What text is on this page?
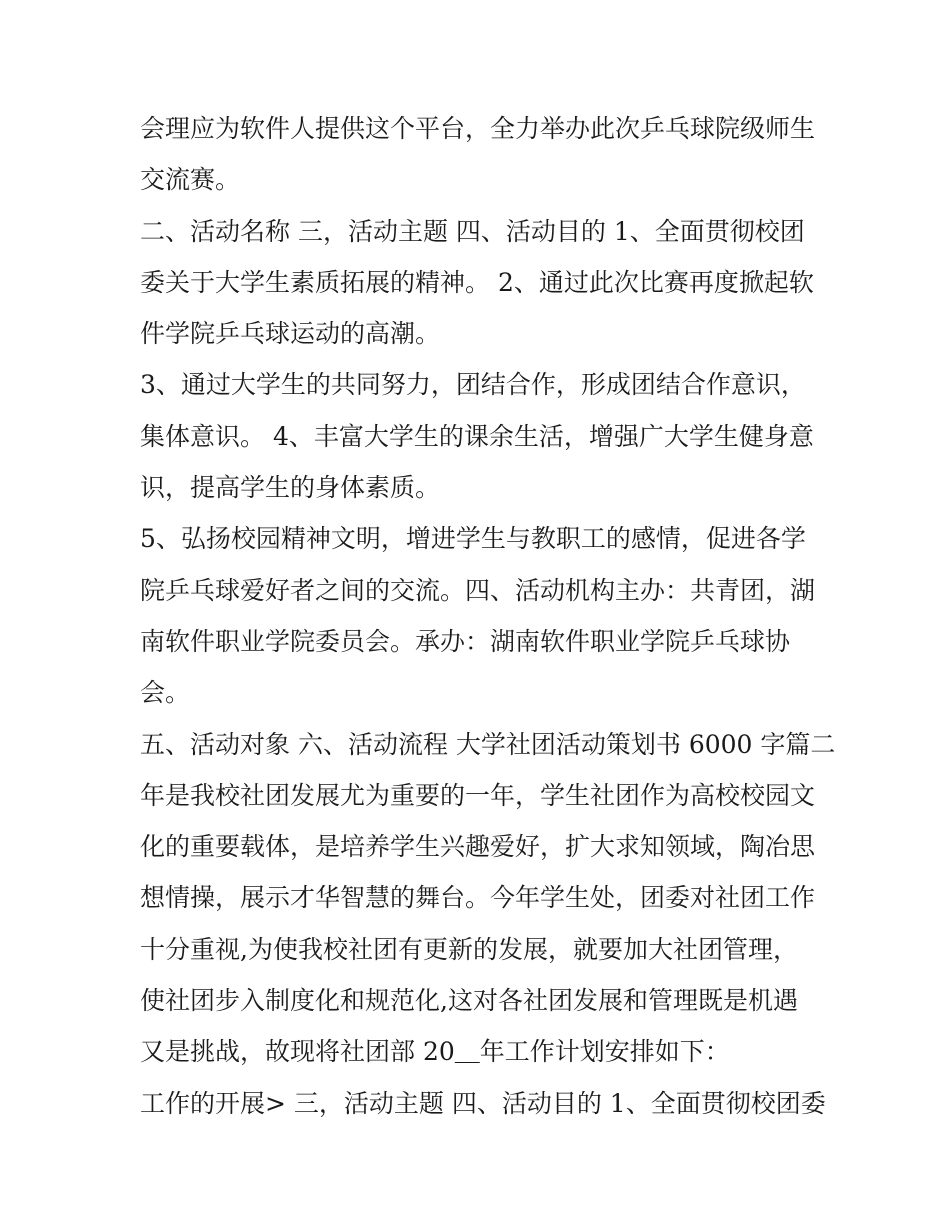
会理应为软件人提供这个平台，全力举办此次乒乓球院级师生
交流赛。
二、活动名称 三，活动主题 四、活动目的 1、全面贯彻校团
委关于大学生素质拓展的精神。 2、通过此次比赛再度掀起软
件学院乒乓球运动的高潮。
3、通过大学生的共同努力，团结合作，形成团结合作意识，
集体意识。 4、丰富大学生的课余生活，增强广大学生健身意
识，提高学生的身体素质。
5、弘扬校园精神文明，增进学生与教职工的感情，促进各学
院乒乓球爱好者之间的交流。四、活动机构主办：共青团，湖
南软件职业学院委员会。承办：湖南软件职业学院乒乓球协
会。
五、活动对象 六、活动流程 大学社团活动策划书 6000 字篇二
年是我校社团发展尤为重要的一年，学生社团作为高校校园文
化的重要载体，是培养学生兴趣爱好，扩大求知领域，陶冶思
想情操，展示才华智慧的舞台。今年学生处，团委对社团工作
十分重视,为使我校社团有更新的发展，就要加大社团管理，
使社团步入制度化和规范化,这对各社团发展和管理既是机遇
又是挑战，故现将社团部 20＿年工作计划安排如下：
工作的开展> 三，活动主题 四、活动目的 1、全面贯彻校团委
